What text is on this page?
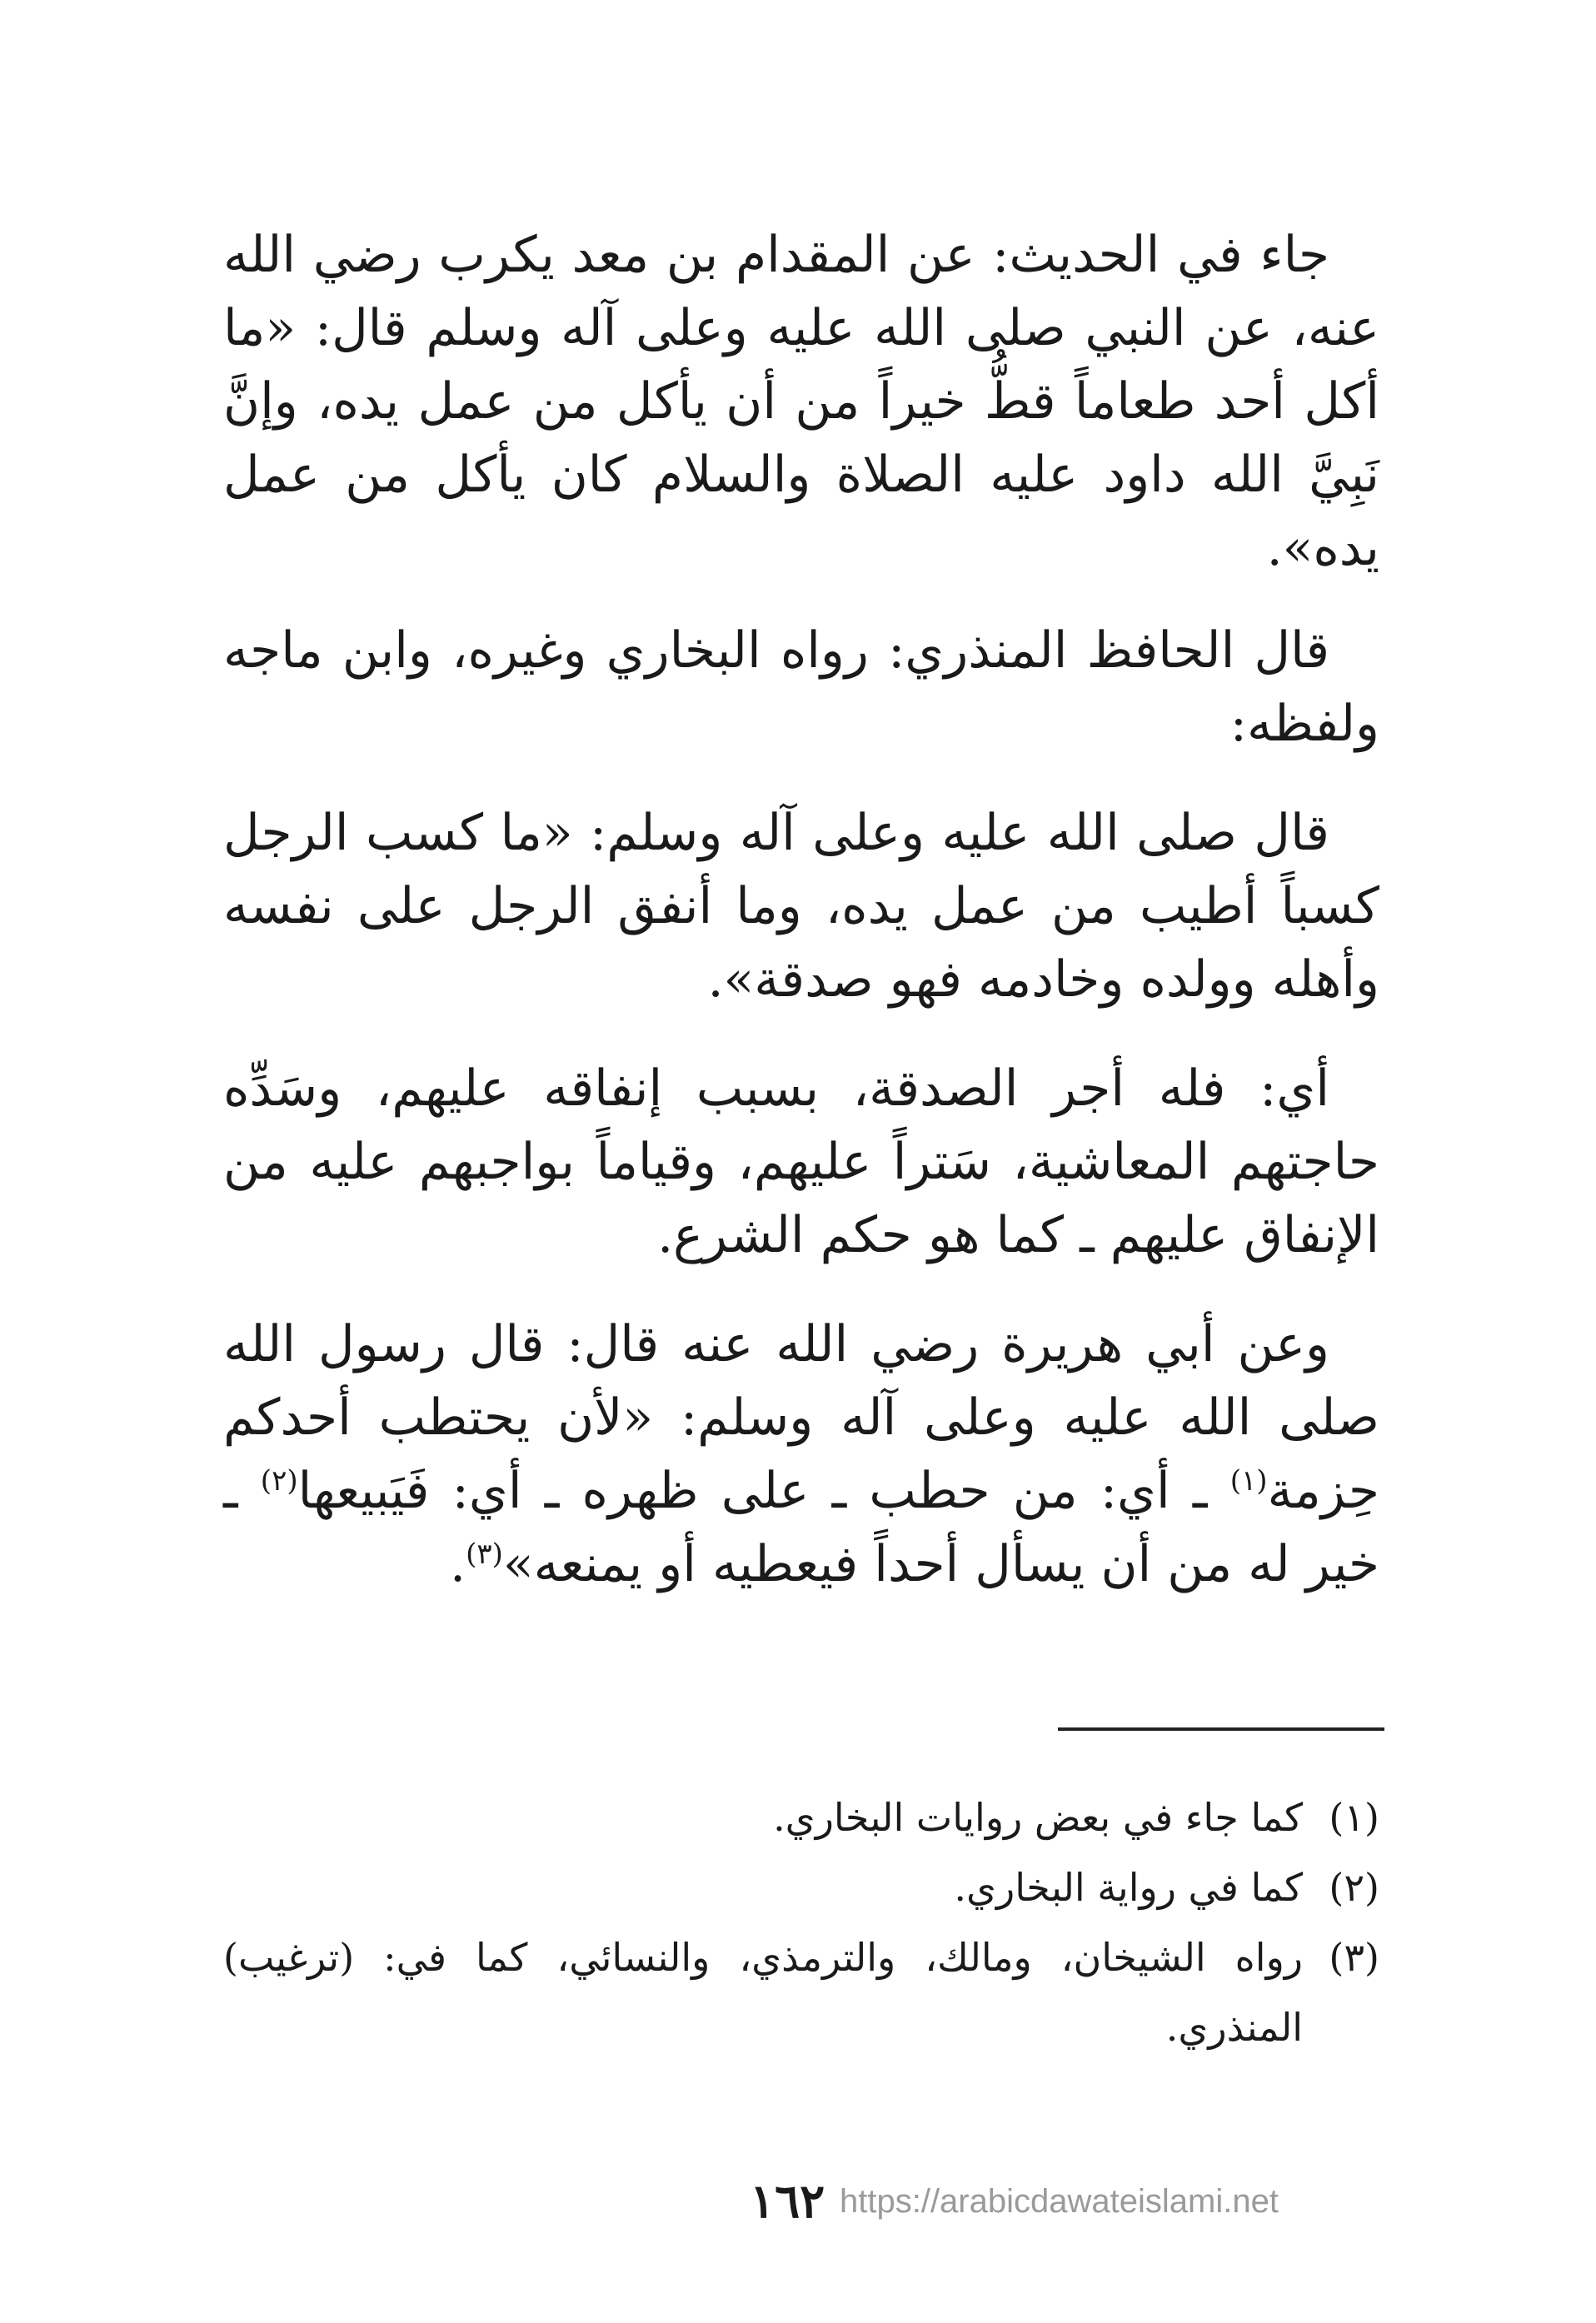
جاء في الحديث: عن المقدام بن معد يكرب رضي الله عنه، عن النبي صلى الله عليه وعلى آله وسلم قال: «ما أكل أحد طعاماً قطُّ خيراً من أن يأكل من عمل يده، وإنَّ نَبِيَّ الله داود عليه الصلاة والسلام كان يأكل من عمل يده».

قال الحافظ المنذري: رواه البخاري وغيره، وابن ماجه ولفظه:

قال صلى الله عليه وعلى آله وسلم: «ما كسب الرجل كسباً أطيب من عمل يده، وما أنفق الرجل على نفسه وأهله وولده وخادمه فهو صدقة».

أي: فله أجر الصدقة، بسبب إنفاقه عليهم، وسَدِّه حاجتهم المعاشية، سَتراً عليهم، وقياماً بواجبهم عليه من الإنفاق عليهم ـ كما هو حكم الشرع.

وعن أبي هريرة رضي الله عنه قال: قال رسول الله صلى الله عليه وعلى آله وسلم: «لأن يحتطب أحدكم حِزمة$^{(١)}$ ـ أي: من حطب ـ على ظهره ـ أي: فَيَبيعها$^{(٢)}$ ـ خير له من أن يسأل أحداً فيعطيه أو يمنعه»$^{(٣)}$.

(١)
كما جاء في بعض روايات البخاري.
(٢)
كما في رواية البخاري.
(٣)
رواه الشيخان، ومالك، والترمذي، والنسائي، كما في: (ترغيب) المنذري.
١٦٢ https://arabicdawateislami.net
